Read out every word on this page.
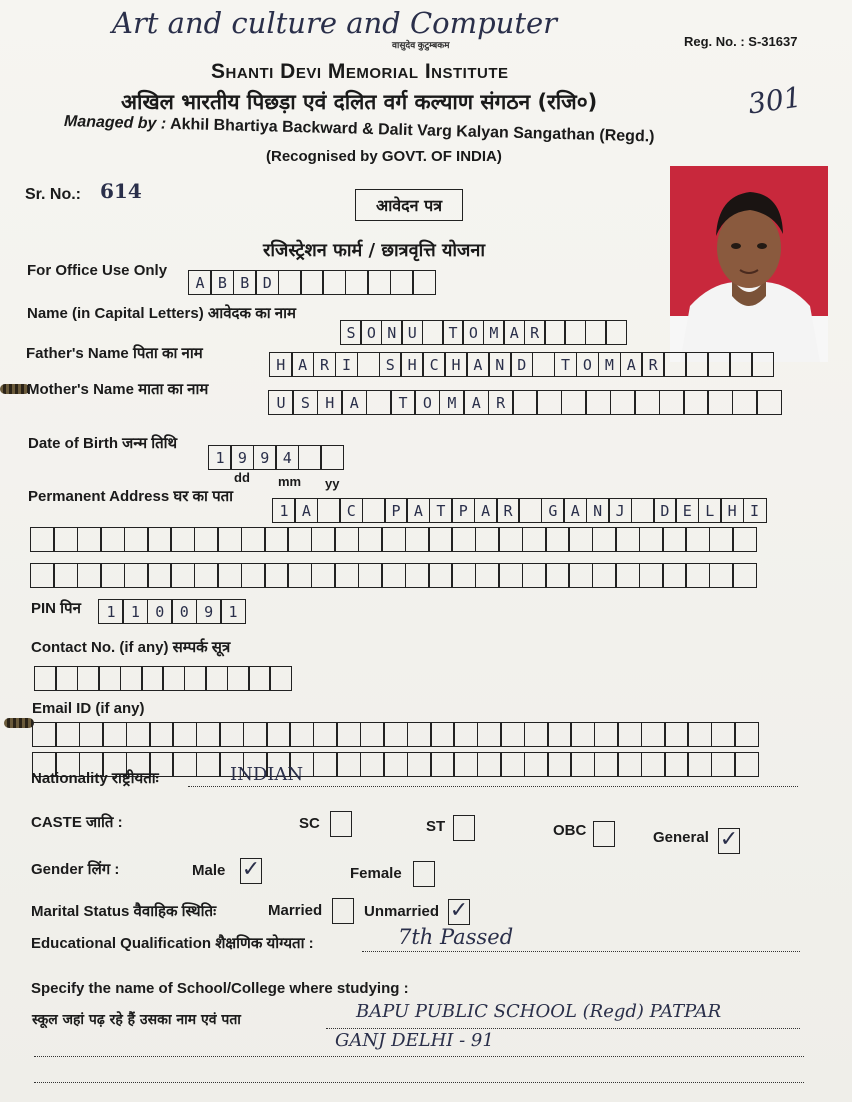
Art and culture and Computer
Reg. No. : S-31637
वासुदेव कुटुम्बकम
Shanti Devi Memorial Institute
अखिल भारतीय पिछड़ा एवं दलित वर्ग कल्याण संगठन (रजि०)	301
Managed by : Akhil Bhartiya Backward & Dalit Varg Kalyan Sangathan (Regd.)
(Recognised by GOVT. OF INDIA)
Sr. No.: 614
आवेदन पत्र
रजिस्ट्रेशन फार्म / छात्रवृत्ति योजना
For Office Use Only
A B B D
Name (in Capital Letters) आवेदक का नाम
S O N U	T O M A R
Father's Name पिता का नाम
H A R I	S H C H A N D	T O M A R
Mother's Name माता का नाम
U	S	H	A	T	O	M	A	R
Date of Birth जन्म तिथि
1 9 9 4
dd mm yy
Permanent Address घर का पता
1 A	C	P A T P A R	G A N J	D E L H I
PIN पिन	1	1	0	0	9	1
Contact No. (if any) सम्पर्क सूत्र
Email ID (if any)
Nationality राष्ट्रीयताः	INDIAN
CASTE जाति :	SC	ST	OBC	General ✓
Gender लिंग :	Male ✓	Female
Marital Status वैवाहिक स्थितिः	Married	Unmarried ✓
Educational Qualification शैक्षणिक योग्यता :	7th Passed
Specify the name of School/College where studying :
स्कूल जहां पढ़ रहे हैं उसका नाम एवं पता	BAPU PUBLIC SCHOOL (Regd) PATPAR
GANJ DELHI - 91
